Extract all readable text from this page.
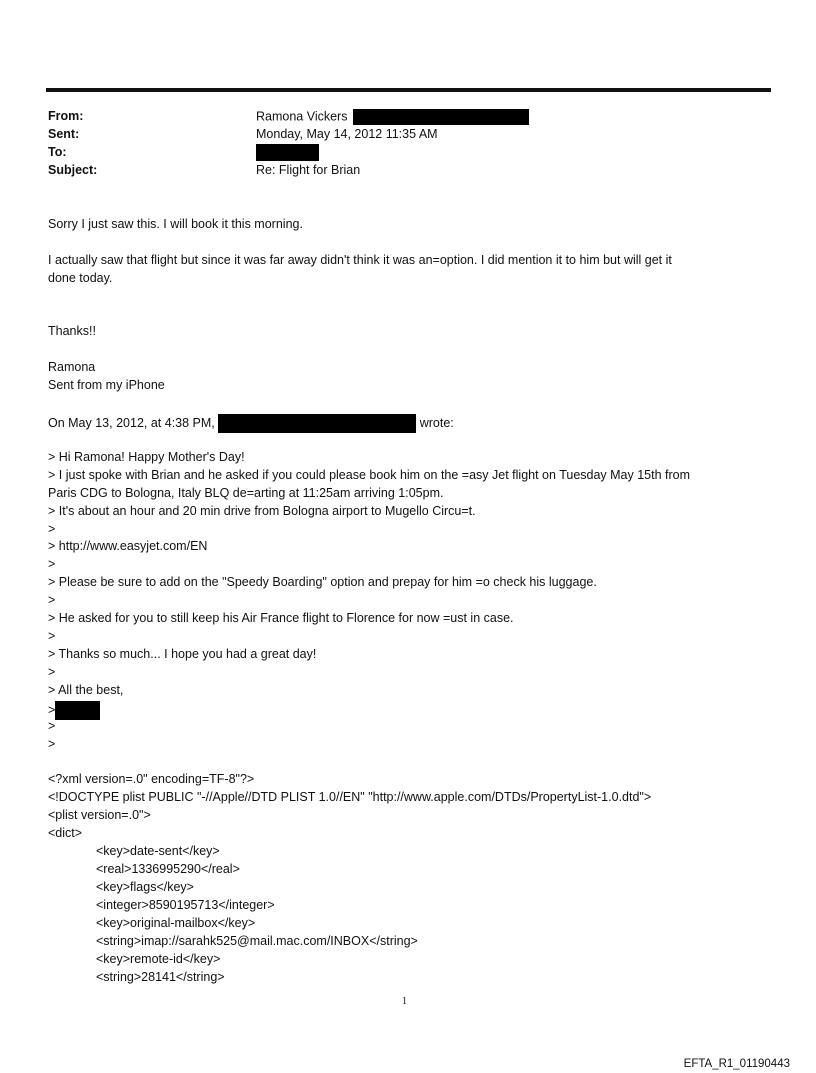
From:	Ramona Vickers
Sent:	Monday, May 14, 2012 11:35 AM
To:
Subject:	Re: Flight for Brian
Sorry I just saw this. I will book it this morning.
I actually saw that flight but since it was far away didn't think it was an=option. I did mention it to him but will get it
done today.
Thanks!!
Ramona
Sent from my iPhone
On May 13, 2012, at 4:38 PM,	wrote:
> Hi Ramona! Happy Mother's Day!
> I just spoke with Brian and he asked if you could please book him on the =asy Jet flight on Tuesday May 15th from
Paris CDG to Bologna, Italy BLQ de=arting at 11:25am arriving 1:05pm.
> It's about an hour and 20 min drive from Bologna airport to Mugello Circu=t.
>
> http://www.easyjet.com/EN
>
> Please be sure to add on the "Speedy Boarding" option and prepay for him =o check his luggage.
>
> He asked for you to still keep his Air France flight to Florence for now =ust in case.
>
> Thanks so much... I hope you had a great day!
>
> All the best,
>
>
>
<?xml version=.0" encoding=TF-8"?>
<!DOCTYPE plist PUBLIC "-//Apple//DTD PLIST 1.0//EN" "http://www.apple.com/DTDs/PropertyList-1.0.dtd">
<plist version=.0">
<dict>
<key>date-sent</key>
<real>1336995290</real>
<key>flags</key>
<integer>8590195713</integer>
<key>original-mailbox</key>
<string>imap://sarahk525@mail.mac.com/INBOX</string>
<key>remote-id</key>
<string>28141</string>
1
EFTA_R1_01190443
